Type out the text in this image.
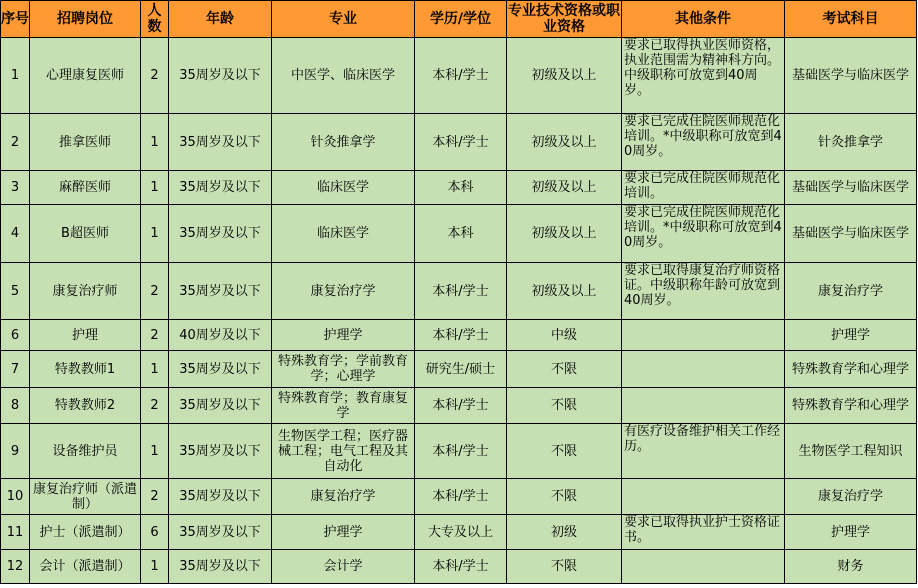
序号	招聘岗位	人数	年龄	专业	学历/学位	专业技术资格或职业资格	其他条件	考试科目
1	心理康复医师	2	35周岁及以下	中医学、临床医学	本科/学士	初级及以上	要求已取得执业医师资格，执业范围需为精神科方向。中级职称可放宽到40周岁。	基础医学与临床医学
2	推拿医师	1	35周岁及以下	针灸推拿学	本科/学士	初级及以上	要求已完成住院医师规范化培训。*中级职称可放宽到40周岁。	针灸推拿学
3	麻醉医师	1	35周岁及以下	临床医学	本科	初级及以上	要求已完成住院医师规范化培训。	基础医学与临床医学
4	B超医师	1	35周岁及以下	临床医学	本科	初级及以上	要求已完成住院医师规范化培训。*中级职称可放宽到40周岁。	基础医学与临床医学
5	康复治疗师	2	35周岁及以下	康复治疗学	本科/学士	初级及以上	要求已取得康复治疗师资格证。中级职称年龄可放宽到40周岁。	康复治疗学
6	护理	2	40周岁及以下	护理学	本科/学士	中级		护理学
7	特教教师1	1	35周岁及以下	特殊教育学；学前教育学；心理学	研究生/硕士	不限		特殊教育学和心理学
8	特教教师2	2	35周岁及以下	特殊教育学；教育康复学	本科/学士	不限		特殊教育学和心理学
9	设备维护员	1	35周岁及以下	生物医学工程；医疗器械工程；电气工程及其自动化	本科/学士	不限	有医疗设备维护相关工作经历。	生物医学工程知识
10	康复治疗师（派遣制）	2	35周岁及以下	康复治疗学	本科/学士	不限		康复治疗学
11	护士（派遣制）	6	35周岁及以下	护理学	大专及以上	初级	要求已取得执业护士资格证书。	护理学
12	会计（派遣制）	1	35周岁及以下	会计学	本科/学士	不限		财务
